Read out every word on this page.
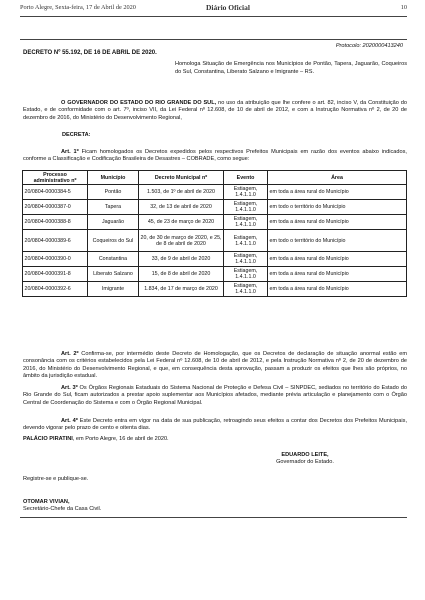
Porto Alegre, Sexta-feira, 17 de Abril de 2020	Diário Oficial	10
Protocolo: 2020000413240
DECRETO Nº 55.192, DE 16 DE ABRIL DE 2020.
Homologa Situação de Emergência nos Municípios de Pontão, Tapera, Jaguarão, Coqueiros do Sul, Constantina, Liberato Salzano e Imigrante – RS.
O GOVERNADOR DO ESTADO DO RIO GRANDE DO SUL, no uso da atribuição que lhe confere o art. 82, inciso V, da Constituição do Estado, e de conformidade com o art. 7º, inciso VII, da Lei Federal nº 12.608, de 10 de abril de 2012, e com a Instrução Normativa nº 2, de 20 de dezembro de 2016, do Ministério do Desenvolvimento Regional,
DECRETA:
Art. 1º Ficam homologados os Decretos expedidos pelos respectivos Prefeitos Municipais em razão dos eventos abaixo indicados, conforme a Classificação e Codificação Brasileira de Desastres – COBRADE, como segue:
Processo administrativo nº	Município	Decreto Municipal nº	Evento	Área
20/0804-0000384-5	Pontão	1.503, de 1º de abril de 2020	Estiagem, 1.4.1.1.0	em toda a área rural do Município
20/0804-0000387-0	Tapera	32, de 13 de abril de 2020	Estiagem, 1.4.1.1.0	em todo o território do Município
20/0804-0000388-8	Jaguarão	45, de 23 de março de 2020	Estiagem, 1.4.1.1.0	em toda a área rural do Município
20/0804-0000389-6	Coqueiros do Sul	20, de 30 de março de 2020, e 25, de 8 de abril de 2020	Estiagem, 1.4.1.1.0	em todo o território do Município
20/0804-0000390-0	Constantina	33, de 9 de abril de 2020	Estiagem, 1.4.1.1.0	em toda a área rural do Município
20/0804-0000391-8	Liberato Salzano	15, de 8 de abril de 2020	Estiagem, 1.4.1.1.0	em toda a área rural do Município
20/0804-0000392-6	Imigrante	1.834, de 17 de março de 2020	Estiagem, 1.4.1.1.0	em toda a área rural do Município
Art. 2º Confirma-se, por intermédio deste Decreto de Homologação, que os Decretos de declaração de situação anormal estão em consonância com os critérios estabelecidos pela Lei Federal nº 12.608, de 10 de abril de 2012, e pela Instrução Normativa nº 2, de 20 de dezembro de 2016, do Ministério do Desenvolvimento Regional, e que, em consequência desta aprovação, passam a produzir os efeitos que lhes são próprios, no âmbito da jurisdição estadual.
Art. 3º Os Órgãos Regionais Estaduais do Sistema Nacional de Proteção e Defesa Civil – SINPDEC, sediados no território do Estado do Rio Grande do Sul, ficam autorizados a prestar apoio suplementar aos Municípios afetados, mediante prévia articulação e planejamento com o Órgão Central de Coordenação do Sistema e com o Órgão Regional Municipal.
Art. 4º Este Decreto entra em vigor na data de sua publicação, retroagindo seus efeitos a contar dos Decretos dos Prefeitos Municipais, devendo vigorar pelo prazo de cento e oitenta dias.
PALÁCIO PIRATINI, em Porto Alegre, 16 de abril de 2020.
EDUARDO LEITE,
Governador do Estado.
Registre-se e publique-se.
OTOMAR VIVIAN,
Secretário-Chefe da Casa Civil.
